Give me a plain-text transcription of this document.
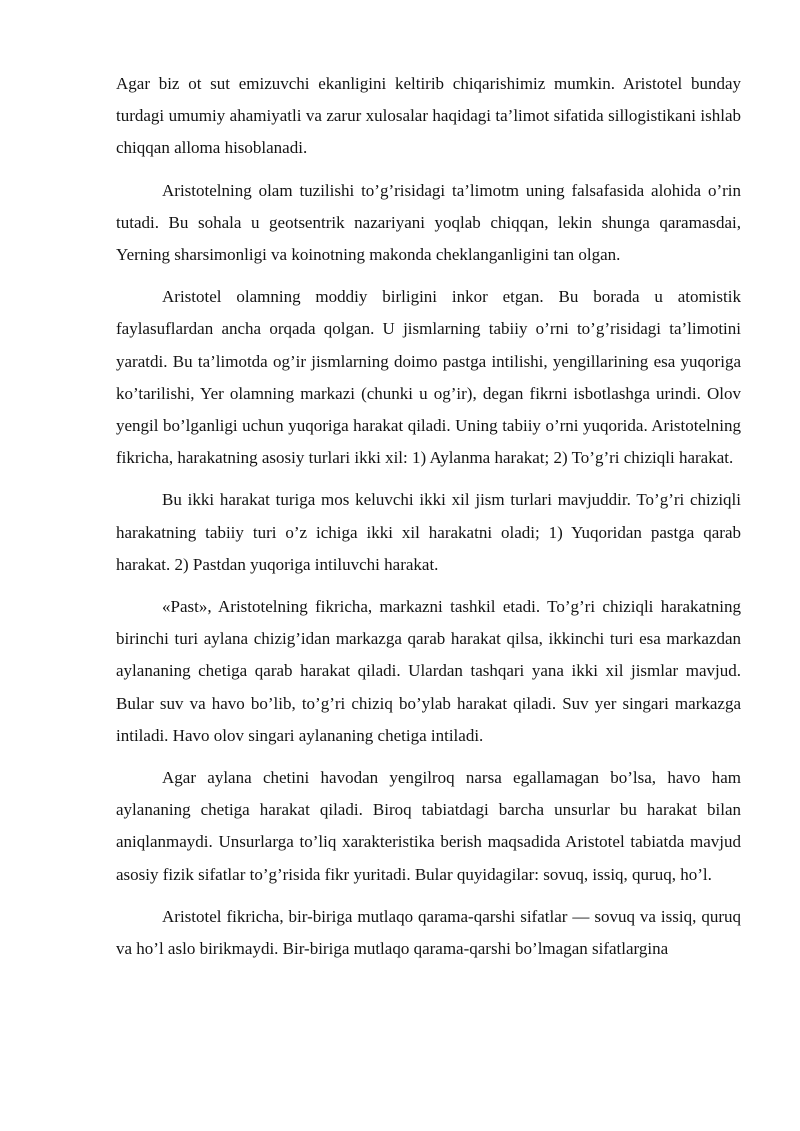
Agar biz ot sut emizuvchi ekanligini keltirib chiqarishimiz mumkin. Aristotel bunday turdagi umumiy ahamiyatli va zarur xulosalar haqidagi ta’limot sifatida sillogistikani ishlab chiqqan alloma hisoblanadi.

Aristotelning olam tuzilishi to’g’risidagi ta’limotm uning falsafasida alohida o’rin tutadi. Bu sohala u geotsentrik nazariyani yoqlab chiqqan, lekin shunga qaramasdai, Yerning sharsimonligi va koinotning makonda cheklanganligini tan olgan.

Aristotel olamning moddiy birligini inkor etgan. Bu borada u atomistik faylasuflardan ancha orqada qolgan. U jismlarning tabiiy o’rni to’g’risidagi ta’limotini yaratdi. Bu ta’limotda og’ir jismlarning doimo pastga intilishi, yengillarining esa yuqoriga ko’tarilishi, Yer olamning markazi (chunki u og’ir), degan fikrni isbotlashga urindi. Olov yengil bo’lganligi uchun yuqoriga harakat qiladi. Uning tabiiy o’rni yuqorida. Aristotelning fikricha, harakatning asosiy turlari ikki xil: 1) Aylanma harakat; 2) To’g’ri chiziqli harakat.

Bu ikki harakat turiga mos keluvchi ikki xil jism turlari mavjuddir. To’g’ri chiziqli harakatning tabiiy turi o’z ichiga ikki xil harakatni oladi; 1) Yuqoridan pastga qarab harakat. 2) Pastdan yuqoriga intiluvchi harakat.

«Past», Aristotelning fikricha, markazni tashkil etadi. To’g’ri chiziqli harakatning birinchi turi aylana chizig’idan markazga qarab harakat qilsa, ikkinchi turi esa markazdan aylananing chetiga qarab harakat qiladi. Ulardan tashqari yana ikki xil jismlar mavjud. Bular suv va havo bo’lib, to’g’ri chiziq bo’ylab harakat qiladi. Suv yer singari markazga intiladi. Havo olov singari aylananing chetiga intiladi.

Agar aylana chetini havodan yengilroq narsa egallamagan bo’lsa, havo ham aylananing chetiga harakat qiladi. Biroq tabiatdagi barcha unsurlar bu harakat bilan aniqlanmaydi. Unsurlarga to’liq xarakteristika berish maqsadida Aristotel tabiatda mavjud asosiy fizik sifatlar to’g’risida fikr yuritadi. Bular quyidagilar: sovuq, issiq, quruq, ho’l.

Aristotel fikricha, bir-biriga mutlaqo qarama-qarshi sifatlar — sovuq va issiq, quruq va ho’l aslo birikmaydi. Bir-biriga mutlaqo qarama-qarshi bo’lmagan sifatlargina
